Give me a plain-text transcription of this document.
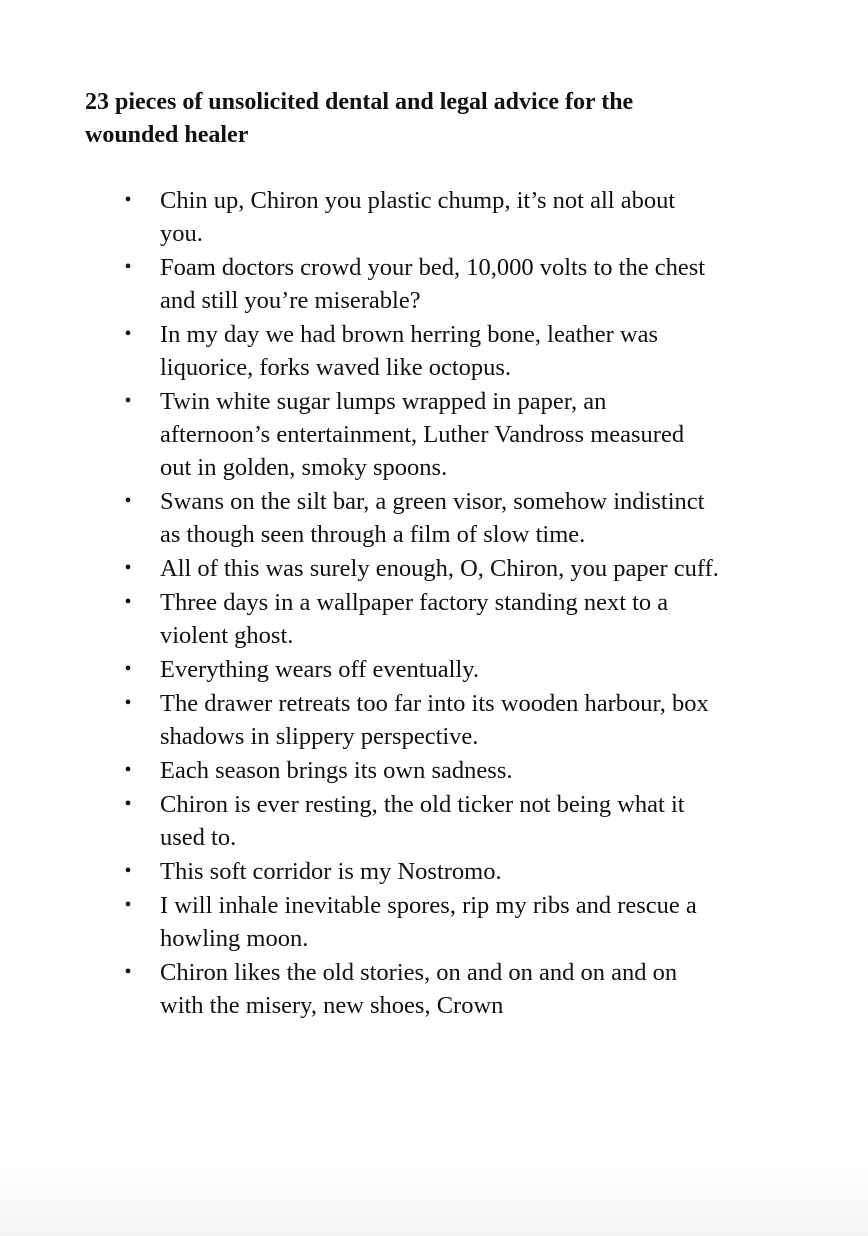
23 pieces of unsolicited dental and legal advice for the wounded healer
• Chin up, Chiron you plastic chump, it’s not all about you.
• Foam doctors crowd your bed, 10,000 volts to the chest and still you’re miserable?
• In my day we had brown herring bone, leather was liquorice, forks waved like octopus.
• Twin white sugar lumps wrapped in paper, an afternoon’s entertainment, Luther Vandross measured out in golden, smoky spoons.
• Swans on the silt bar, a green visor, somehow indistinct as though seen through a film of slow time.
• All of this was surely enough, O, Chiron, you paper cuff.
• Three days in a wallpaper factory standing next to a violent ghost.
• Everything wears off eventually.
• The drawer retreats too far into its wooden harbour, box shadows in slippery perspective.
• Each season brings its own sadness.
• Chiron is ever resting, the old ticker not being what it used to.
• This soft corridor is my Nostromo.
• I will inhale inevitable spores, rip my ribs and rescue a howling moon.
• Chiron likes the old stories, on and on and on and on with the misery, new shoes, Crown
